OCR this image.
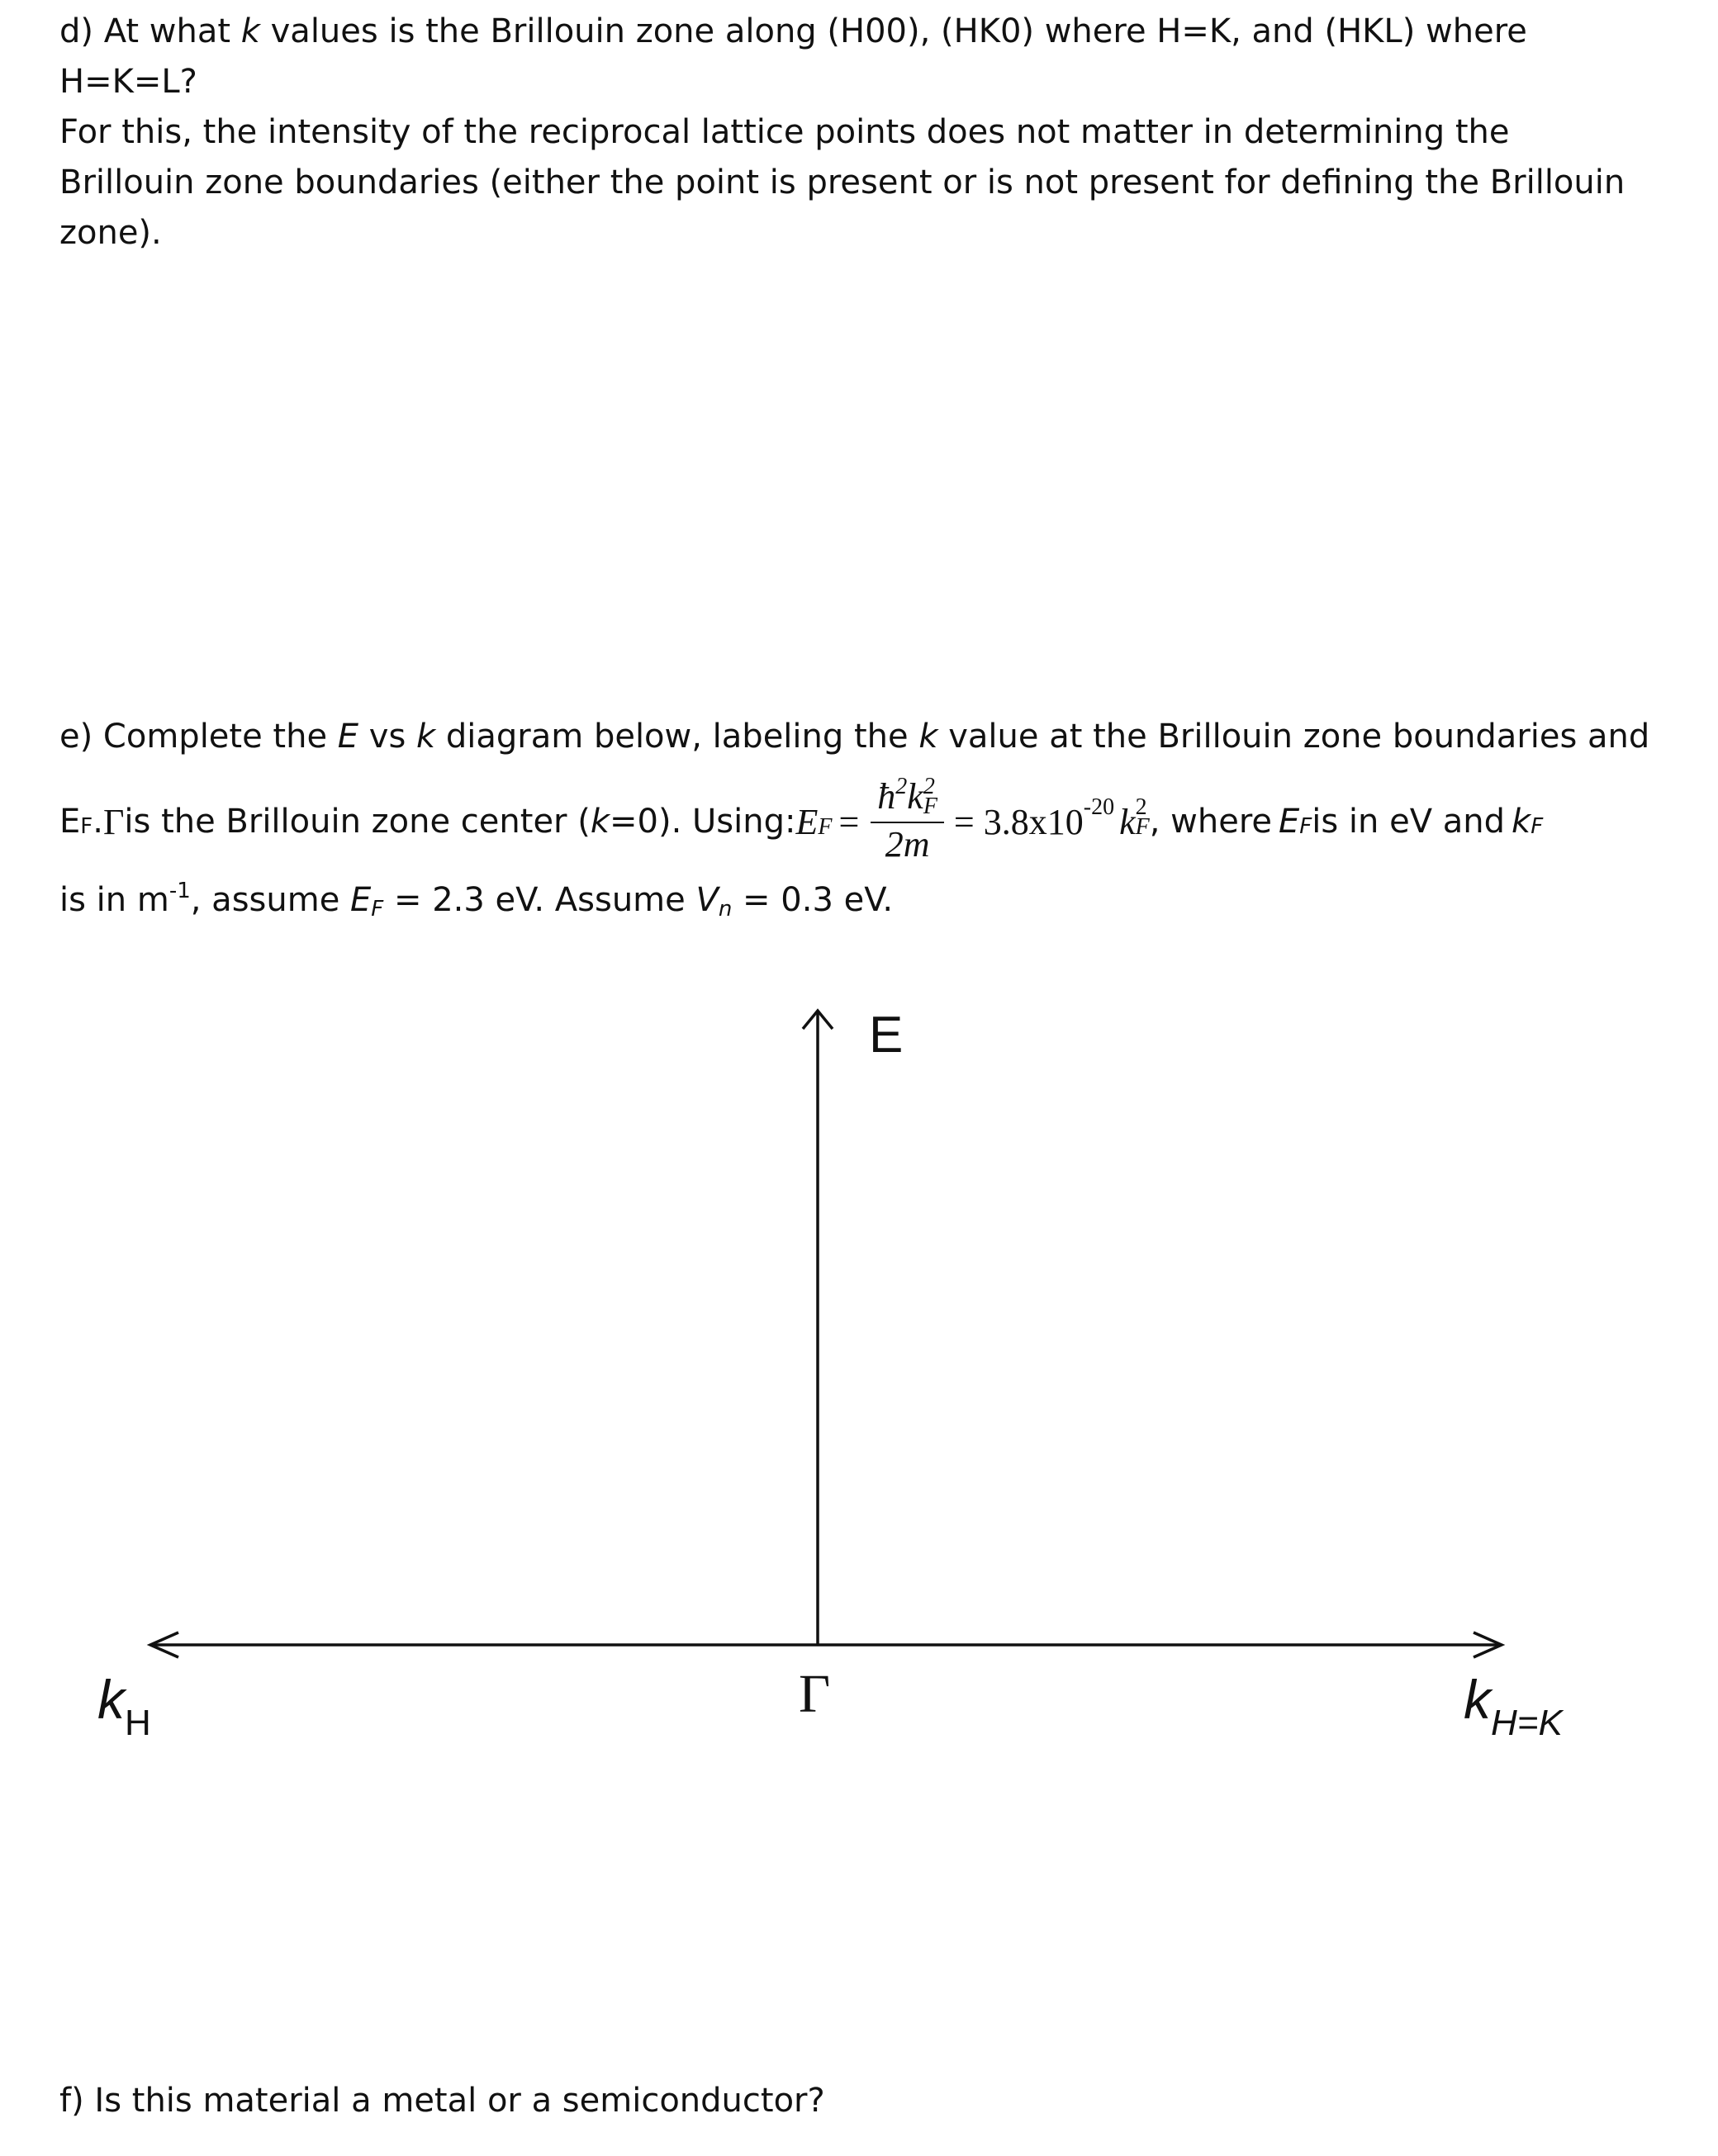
d) At what k values is the Brillouin zone along (H00), (HK0) where H=K, and (HKL) where H=K=L?
For this, the intensity of the reciprocal lattice points does not matter in determining the
Brillouin zone boundaries (either the point is present or is not present for defining the Brillouin
zone).
e) Complete the E vs k diagram below, labeling the k value at the Brillouin zone boundaries and
E F . Γ is the Brillouin zone center ( k =0). Using: E $F = \frac{ħ^2k^2F}{2m} = 3.8x10$ -20 k 2
F , where E F is in eV and k F
is in $m^{-1}$, assume EF = 2.3 eV. Assume Vn = 0.3 eV.
E
Γ
$k_H$	$k_{H=K}$
f) Is this material a metal or a semiconductor?
